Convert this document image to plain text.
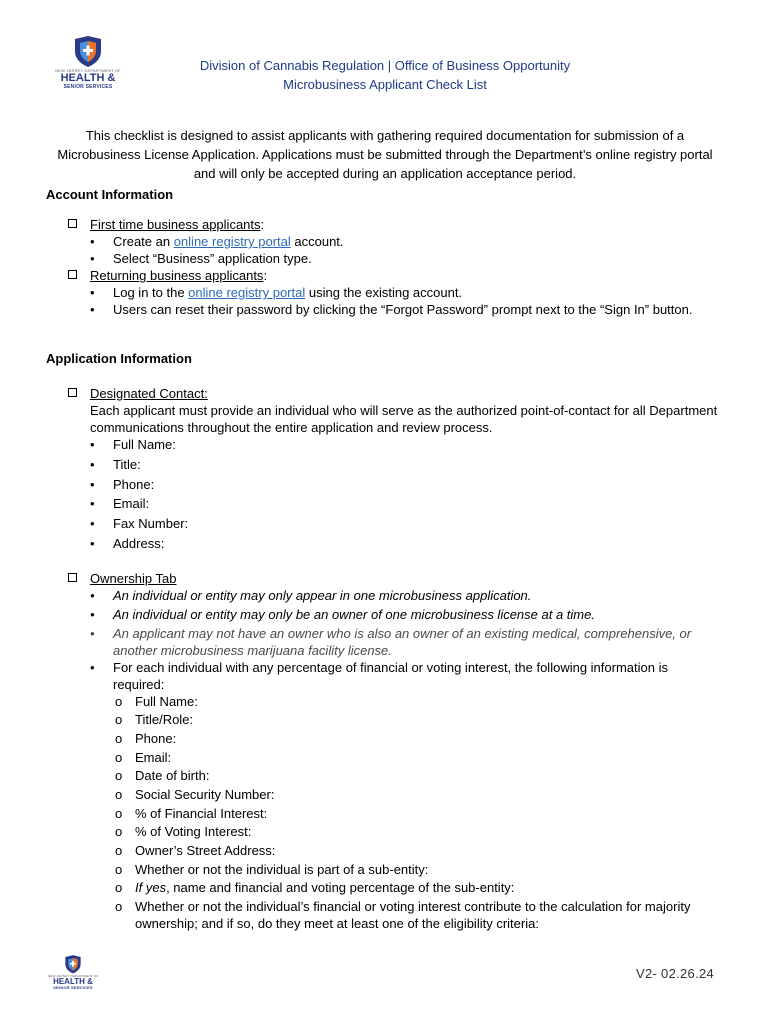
NEW JERSEY DEPARTMENT OF
HEALTH &
SENIOR SERVICES
Division of Cannabis Regulation | Office of Business Opportunity
Microbusiness Applicant Check List
This checklist is designed to assist applicants with gathering required documentation for submission of a Microbusiness License Application. Applications must be submitted through the Department’s online registry portal and will only be accepted during an application acceptance period.
Account Information
First time business applicants:
• Create an online registry portal account.
• Select “Business” application type.
Returning business applicants:
• Log in to the online registry portal using the existing account.
• Users can reset their password by clicking the “Forgot Password” prompt next to the “Sign In” button.
Application Information
Designated Contact:
Each applicant must provide an individual who will serve as the authorized point-of-contact for all Department communications throughout the entire application and review process.
• Full Name:
• Title:
• Phone:
• Email:
• Fax Number:
• Address:
Ownership Tab
• An individual or entity may only appear in one microbusiness application.
• An individual or entity may only be an owner of one microbusiness license at a time.
• An applicant may not have an owner who is also an owner of an existing medical, comprehensive, or another microbusiness marijuana facility license.
• For each individual with any percentage of financial or voting interest, the following information is required:
o Full Name:
o Title/Role:
o Phone:
o Email:
o Date of birth:
o Social Security Number:
o % of Financial Interest:
o % of Voting Interest:
o Owner’s Street Address:
o Whether or not the individual is part of a sub-entity:
o If yes, name and financial and voting percentage of the sub-entity:
o Whether or not the individual’s financial or voting interest contribute to the calculation for majority ownership; and if so, do they meet at least one of the eligibility criteria:
NEW JERSEY DEPARTMENT OF
HEALTH &
SENIOR SERVICES
V2- 02.26.24
